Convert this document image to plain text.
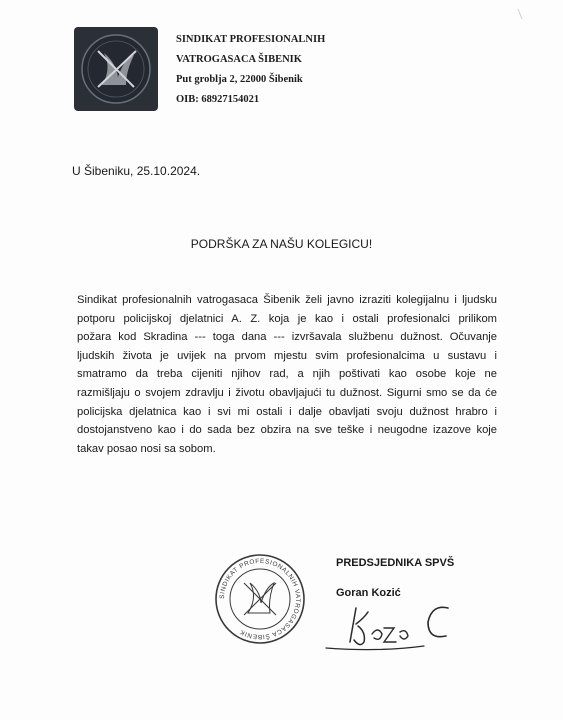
SINDIKAT PROFESIONALNIH
VATROGASACA ŠIBENIK
Put groblja 2, 22000 Šibenik
OIB: 68927154021
U Šibeniku, 25.10.2024.
PODRŠKA ZA NAŠU KOLEGICU!
Sindikat profesionalnih vatrogasaca Šibenik želi javno izraziti kolegijalnu i ljudsku
potporu policijskoj djelatnici A. Z. koja je kao i ostali profesionalci prilikom
požara kod Skradina --- toga dana --- izvršavala službenu dužnost. Očuvanje
ljudskih života je uvijek na prvom mjestu svim profesionalcima u sustavu i
smatramo da treba cijeniti njihov rad, a njih poštivati kao osobe koje ne
razmišljaju o svojem zdravlju i životu obavljajući tu dužnost. Sigurni smo se da će
policijska djelatnica kao i svi mi ostali i dalje obavljati svoju dužnost hrabro i
dostojanstveno kao i do sada bez obzira na sve teške i neugodne izazove koje
takav posao nosi sa sobom.
PREDSJEDNIKA SPVŠ
Goran Kozić
SINDIKAT PROFESIONALNIH VATROGASACA ŠIBENIK
